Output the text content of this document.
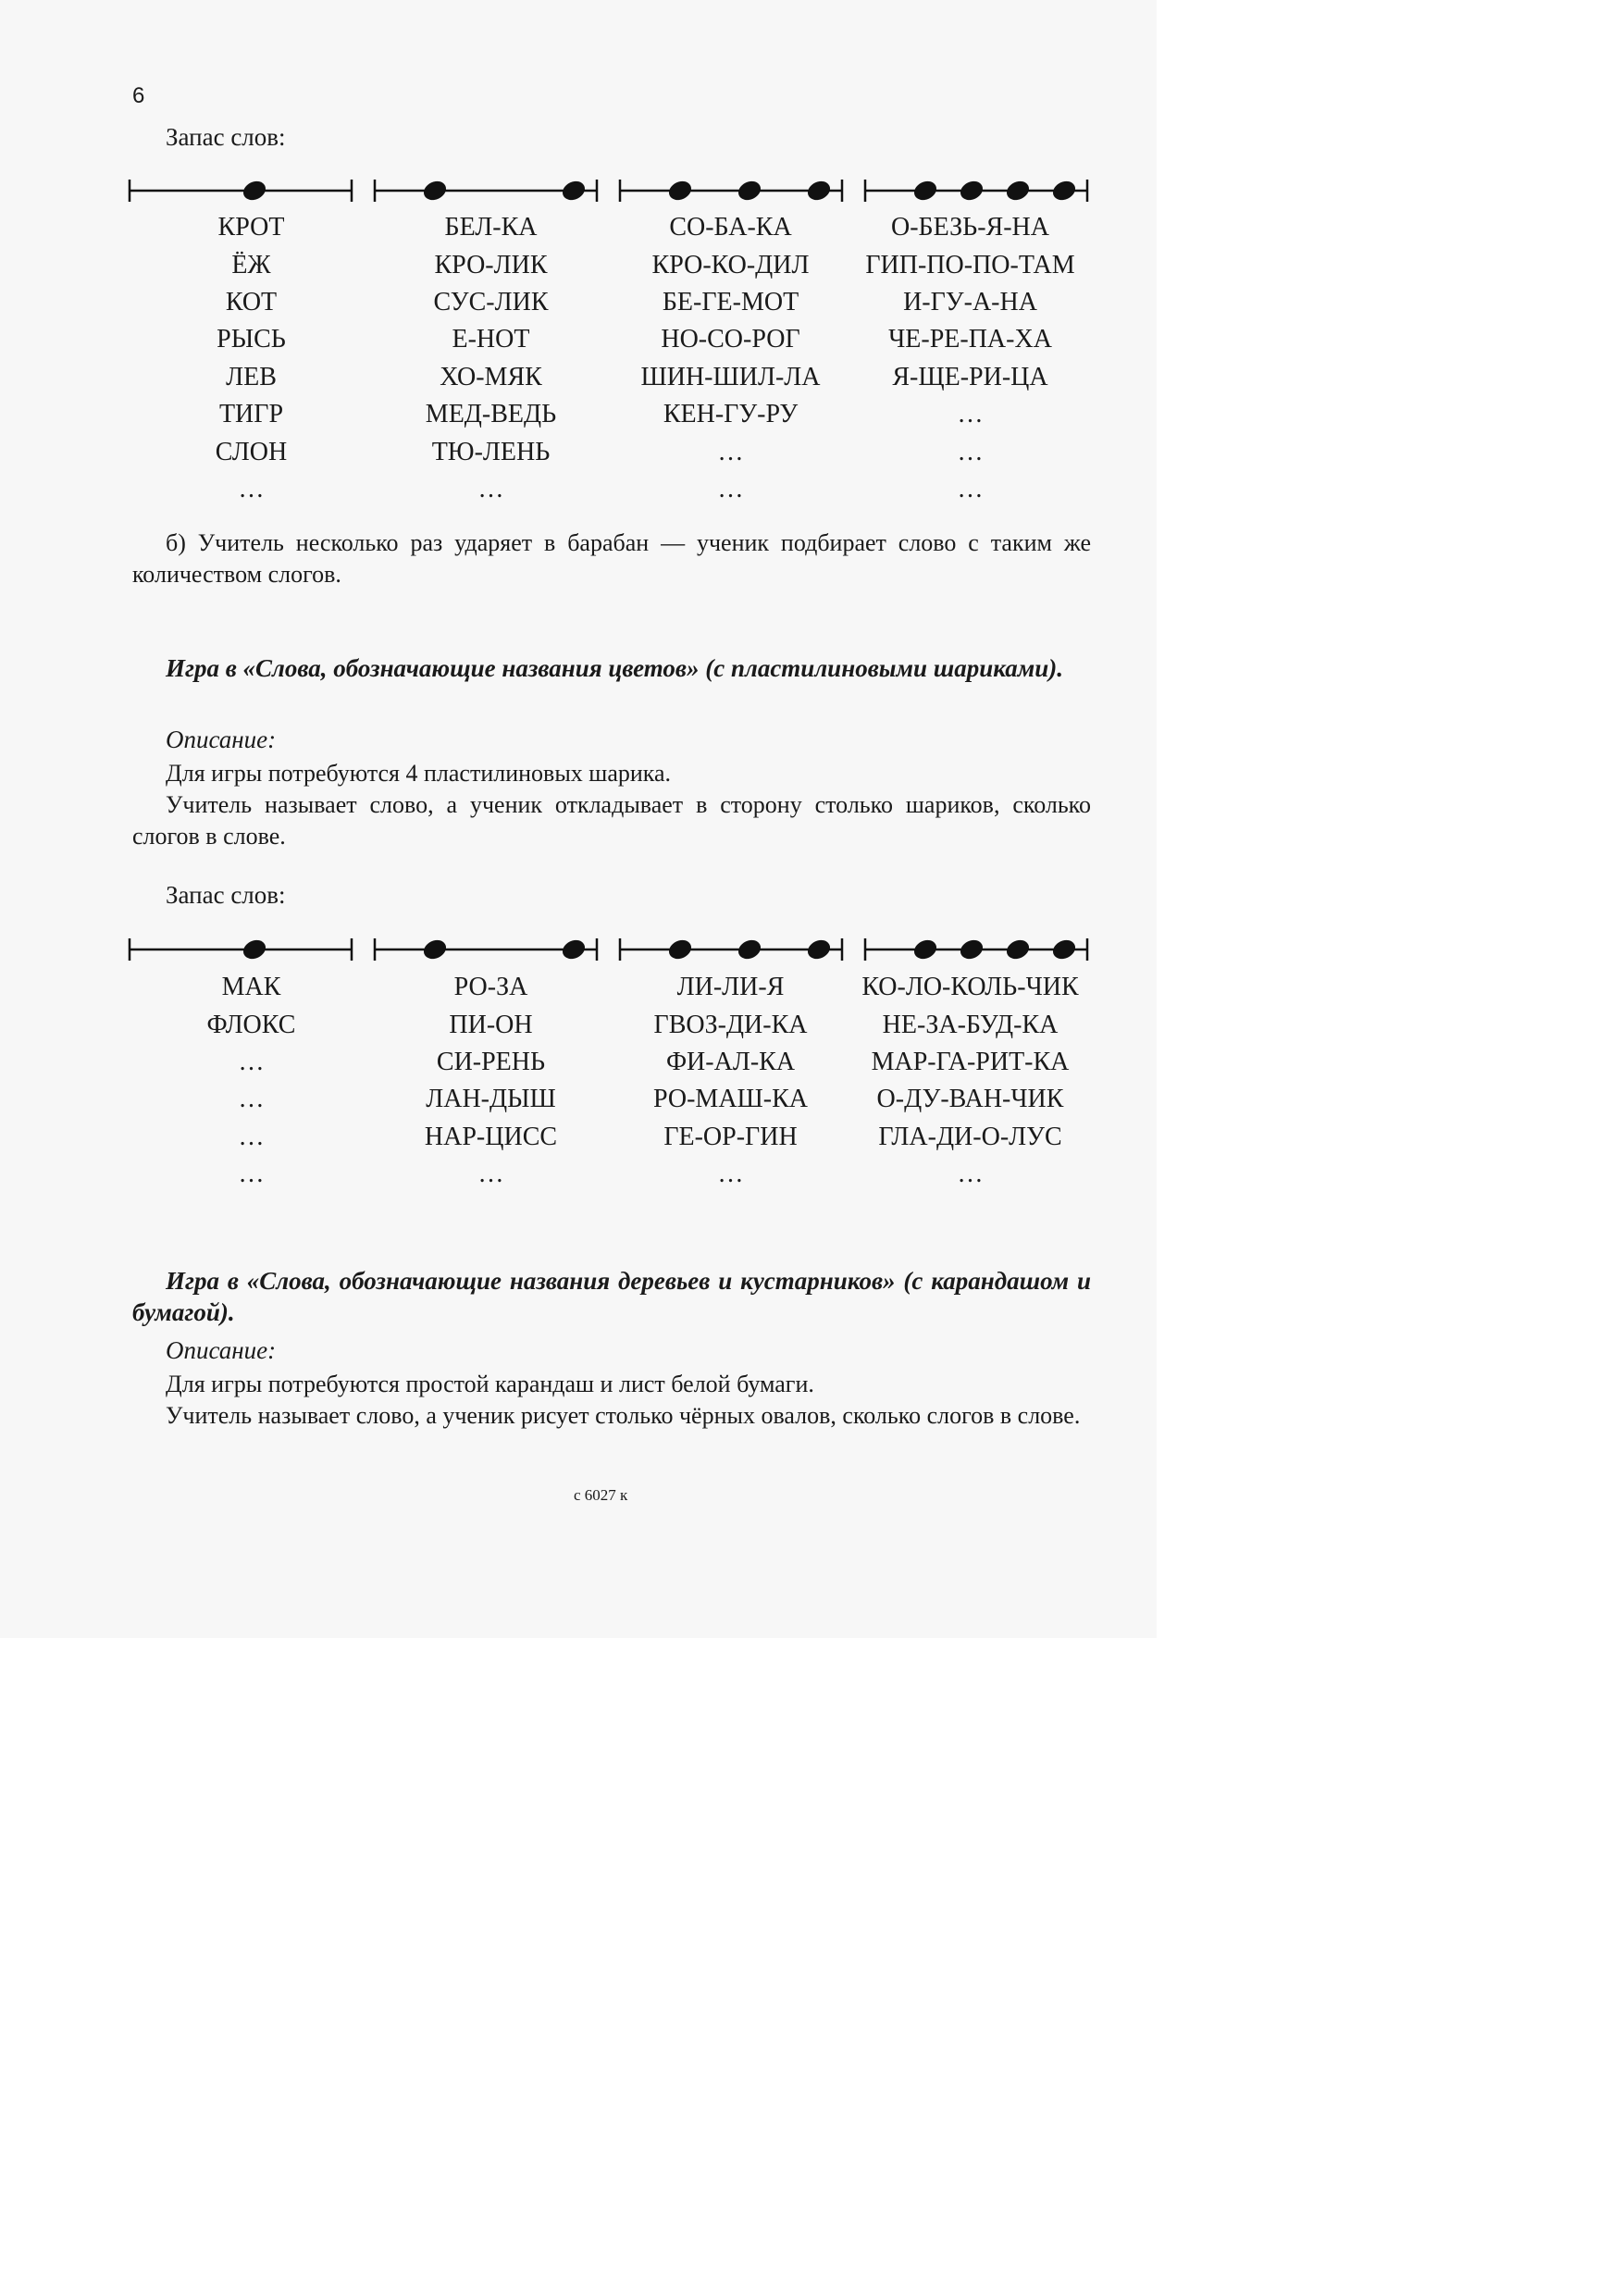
6
Запас слов:
КРОТ	БЕЛ-КА	СО-БА-КА	О-БЕЗЬ-Я-НА
ЁЖ	КРО-ЛИК	КРО-КО-ДИЛ	ГИП-ПО-ПО-ТАМ
КОТ	СУС-ЛИК	БЕ-ГЕ-МОТ	И-ГУ-А-НА
РЫСЬ	Е-НОТ	НО-СО-РОГ	ЧЕ-РЕ-ПА-ХА
ЛЕВ	ХО-МЯК	ШИН-ШИЛ-ЛА	Я-ЩЕ-РИ-ЦА
ТИГР	МЕД-ВЕДЬ	КЕН-ГУ-РУ	…
СЛОН	ТЮ-ЛЕНЬ	…	…
…	…	…	…

б) Учитель несколько раз ударяет в барабан — ученик подбирает слово с таким же количеством слогов.

Игра в «Слова, обозначающие названия цветов» (с пластилиновыми шариками).

Описание:

Для игры потребуются 4 пластилиновых шарика.

Учитель называет слово, а ученик откладывает в сторону столько шариков, сколько слогов в слове.

Запас слов:
МАК	РО-ЗА	ЛИ-ЛИ-Я	КО-ЛО-КОЛЬ-ЧИК
ФЛОКС	ПИ-ОН	ГВОЗ-ДИ-КА	НЕ-ЗА-БУД-КА
…	СИ-РЕНЬ	ФИ-АЛ-КА	МАР-ГА-РИТ-КА
…	ЛАН-ДЫШ	РО-МАШ-КА	О-ДУ-ВАН-ЧИК
…	НАР-ЦИСС	ГЕ-ОР-ГИН	ГЛА-ДИ-О-ЛУС
…	…	…	…

Игра в «Слова, обозначающие названия деревьев и кустарников» (с карандашом и бумагой).

Описание:

Для игры потребуются простой карандаш и лист белой бумаги.

Учитель называет слово, а ученик рисует столько чёрных овалов, сколько слогов в слове.

с 6027 к
